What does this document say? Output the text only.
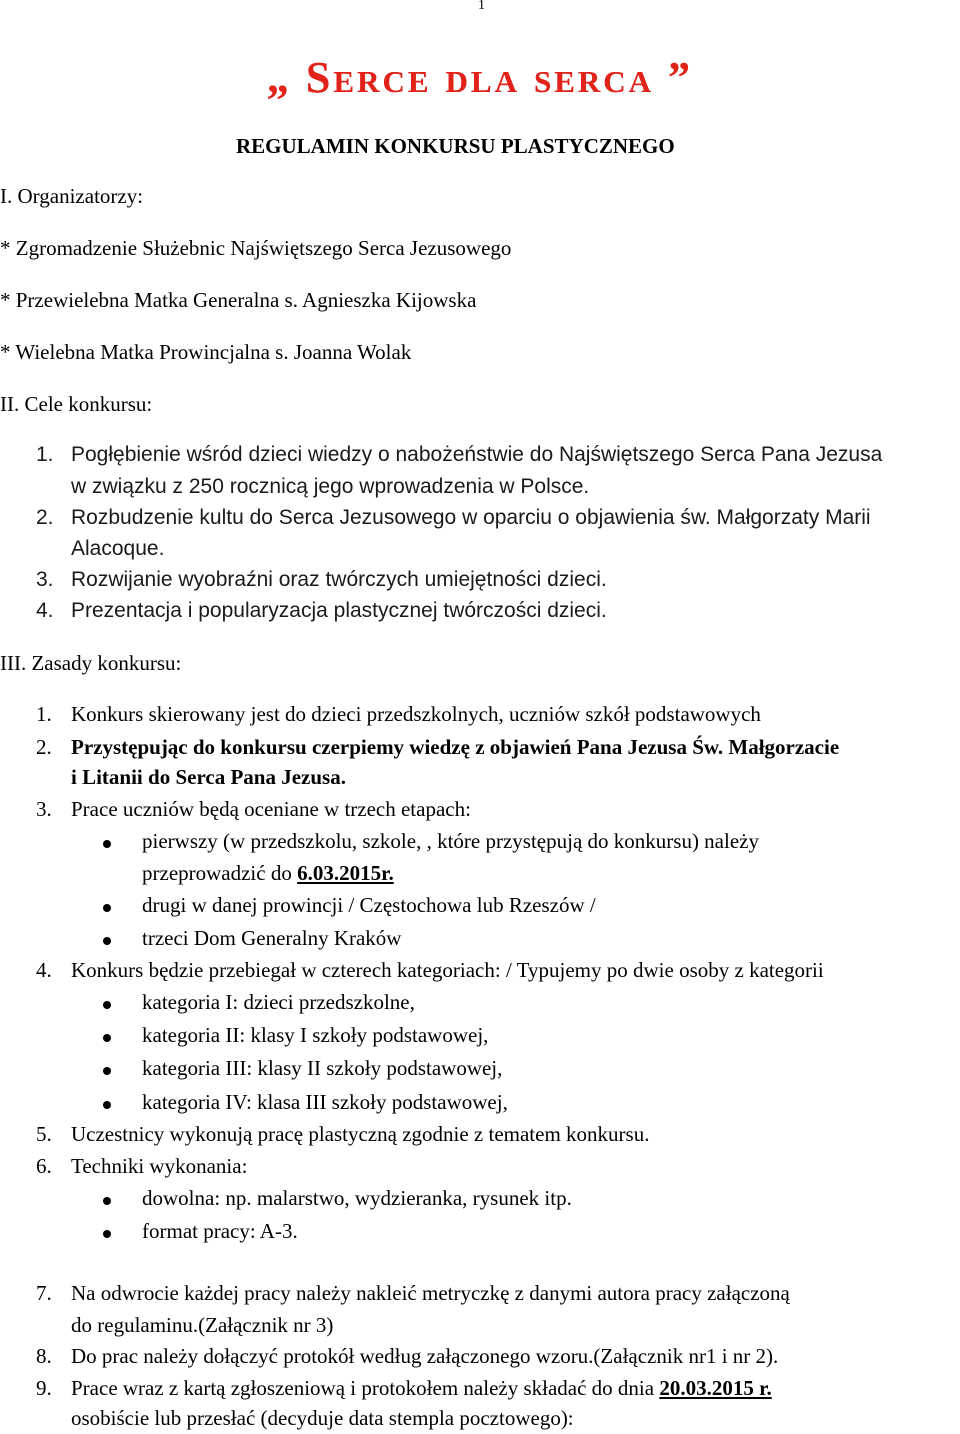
1
„ Serce dla serca ”
REGULAMIN KONKURSU PLASTYCZNEGO
I. Organizatorzy:
* Zgromadzenie Służebnic Najświętszego Serca Jezusowego
* Przewielebna Matka Generalna s. Agnieszka Kijowska
* Wielebna Matka Prowincjalna s. Joanna Wolak
II. Cele konkursu:
1. Pogłębienie wśród dzieci wiedzy o nabożeństwie do Najświętszego Serca Pana Jezusa
w związku z 250 rocznicą jego wprowadzenia w Polsce.
2. Rozbudzenie kultu do Serca Jezusowego w oparciu o objawienia św. Małgorzaty Marii
Alacoque.
3. Rozwijanie wyobraźni oraz twórczych umiejętności dzieci.
4. Prezentacja i popularyzacja plastycznej twórczości dzieci.
III. Zasady konkursu:
1. Konkurs skierowany jest do dzieci przedszkolnych, uczniów szkół podstawowych
2. Przystępując do konkursu czerpiemy wiedzę z objawień Pana Jezusa Św. Małgorzacie
i Litanii do Serca Pana Jezusa.
3. Prace uczniów będą oceniane w trzech etapach:
pierwszy (w przedszkolu, szkole, , które przystępują do konkursu) należy
przeprowadzić do 6.03.2015r.
drugi w danej prowincji / Częstochowa lub Rzeszów /
trzeci Dom Generalny Kraków
4. Konkurs będzie przebiegał w czterech kategoriach: / Typujemy po dwie osoby z kategorii
kategoria I: dzieci przedszkolne,
kategoria II: klasy I szkoły podstawowej,
kategoria III: klasy II szkoły podstawowej,
kategoria IV: klasa III szkoły podstawowej,
5. Uczestnicy wykonują pracę plastyczną zgodnie z tematem konkursu.
6. Techniki wykonania:
dowolna: np. malarstwo, wydzieranka, rysunek itp.
format pracy: A-3.
7. Na odwrocie każdej pracy należy nakleić metryczkę z danymi autora pracy załączoną
do regulaminu.(Załącznik nr 3)
8. Do prac należy dołączyć protokół według załączonego wzoru.(Załącznik nr1 i nr 2).
9. Prace wraz z kartą zgłoszeniową i protokołem należy składać do dnia 20.03.2015 r.
osobiście lub przesłać (decyduje data stempla pocztowego):
